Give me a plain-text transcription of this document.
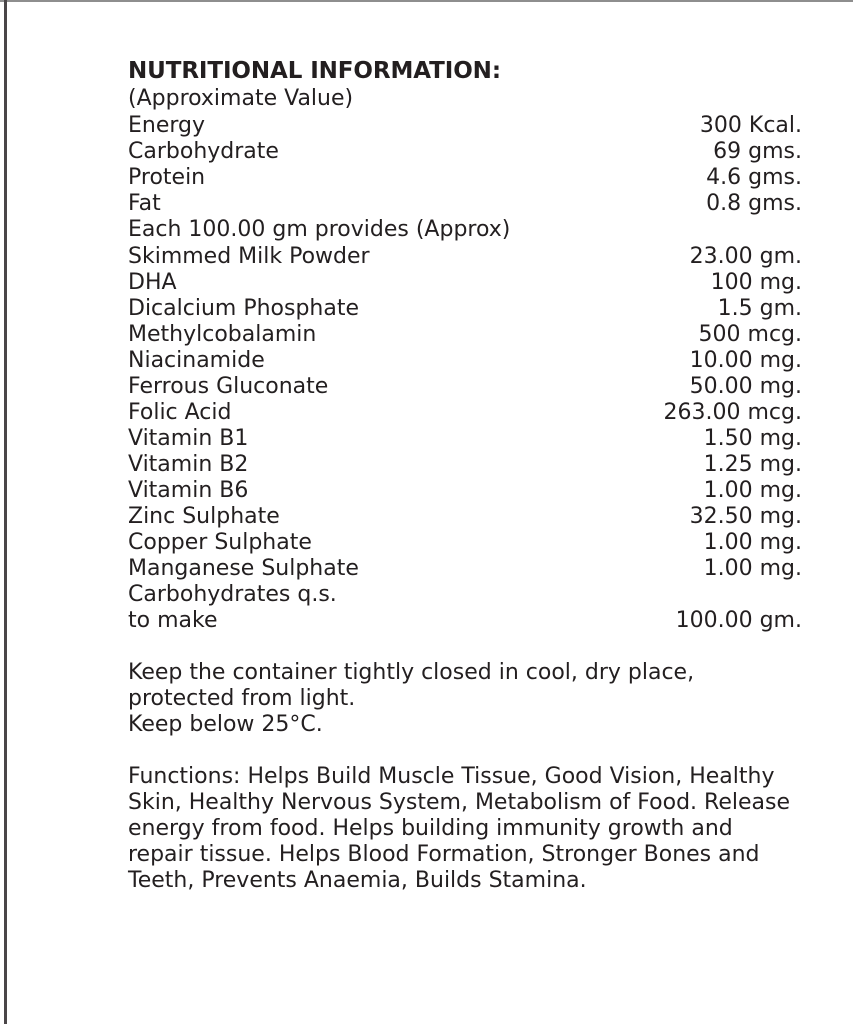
NUTRITIONAL INFORMATION:
(Approximate Value)
Energy	300 Kcal.
Carbohydrate	69 gms.
Protein	4.6 gms.
Fat	0.8 gms.
Each 100.00 gm provides (Approx)
Skimmed Milk Powder	23.00 gm.
DHA	100 mg.
Dicalcium Phosphate	1.5 gm.
Methylcobalamin	500 mcg.
Niacinamide	10.00 mg.
Ferrous Gluconate	50.00 mg.
Folic Acid	263.00 mcg.
Vitamin B1	1.50 mg.
Vitamin B2	1.25 mg.
Vitamin B6	1.00 mg.
Zinc Sulphate	32.50 mg.
Copper Sulphate	1.00 mg.
Manganese Sulphate	1.00 mg.
Carbohydrates q.s.
to make	100.00 gm.

Keep the container tightly closed in cool, dry place, protected from light.

Keep below 25°C.

Functions: Helps Build Muscle Tissue, Good Vision, Healthy Skin, Healthy Nervous System, Metabolism of Food. Release energy from food. Helps building immunity growth and repair tissue. Helps Blood Formation, Stronger Bones and Teeth, Prevents Anaemia, Builds Stamina.
